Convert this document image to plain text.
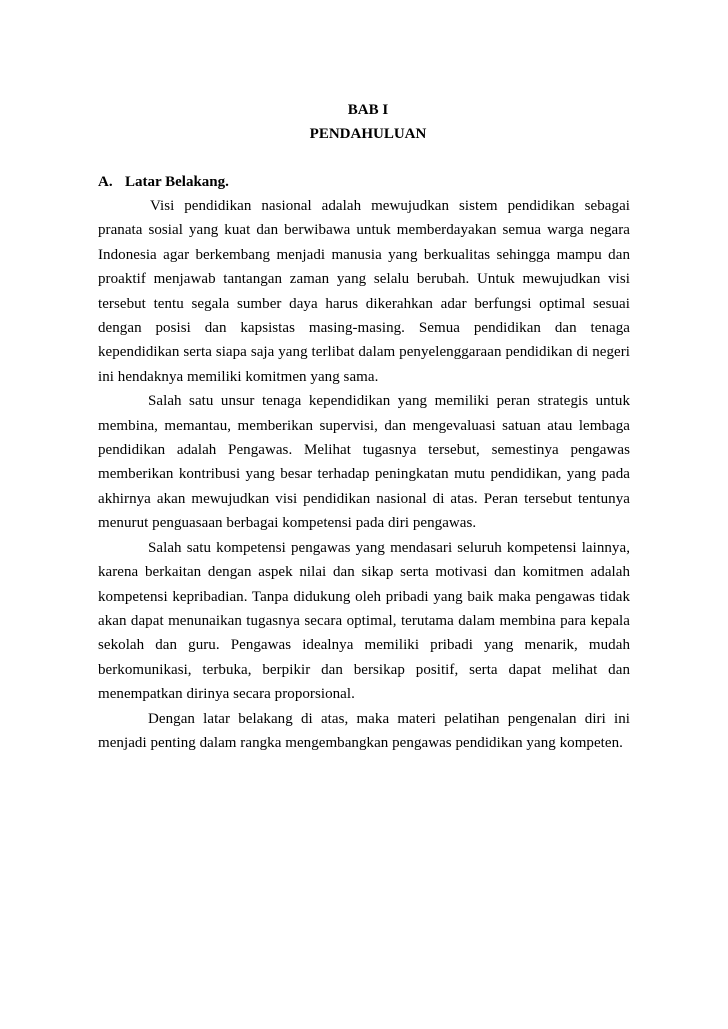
BAB I

PENDAHULUAN

A. Latar Belakang.

Visi pendidikan nasional adalah mewujudkan sistem pendidikan sebagai pranata sosial yang kuat dan berwibawa untuk memberdayakan semua warga negara Indonesia agar berkembang menjadi manusia yang berkualitas sehingga mampu dan proaktif menjawab tantangan zaman yang selalu berubah. Untuk mewujudkan visi tersebut tentu segala sumber daya harus dikerahkan adar berfungsi optimal sesuai dengan posisi dan kapsistas masing-masing. Semua pendidikan dan tenaga kependidikan serta siapa saja yang terlibat dalam penyelenggaraan pendidikan di negeri ini hendaknya memiliki komitmen yang sama.

Salah satu unsur tenaga kependidikan yang memiliki peran strategis untuk membina, memantau, memberikan supervisi, dan mengevaluasi satuan atau lembaga pendidikan adalah Pengawas. Melihat tugasnya tersebut, semestinya pengawas memberikan kontribusi yang besar terhadap peningkatan mutu pendidikan, yang pada akhirnya akan mewujudkan visi pendidikan nasional di atas. Peran tersebut tentunya menurut penguasaan berbagai kompetensi pada diri pengawas.

Salah satu kompetensi pengawas yang mendasari seluruh kompetensi lainnya, karena berkaitan dengan aspek nilai dan sikap serta motivasi dan komitmen adalah kompetensi kepribadian. Tanpa didukung oleh pribadi yang baik maka pengawas tidak akan dapat menunaikan tugasnya secara optimal, terutama dalam membina para kepala sekolah dan guru. Pengawas idealnya memiliki pribadi yang menarik, mudah berkomunikasi, terbuka, berpikir dan bersikap positif, serta dapat melihat dan menempatkan dirinya secara proporsional.

Dengan latar belakang di atas, maka materi pelatihan pengenalan diri ini menjadi penting dalam rangka mengembangkan pengawas pendidikan yang kompeten.
